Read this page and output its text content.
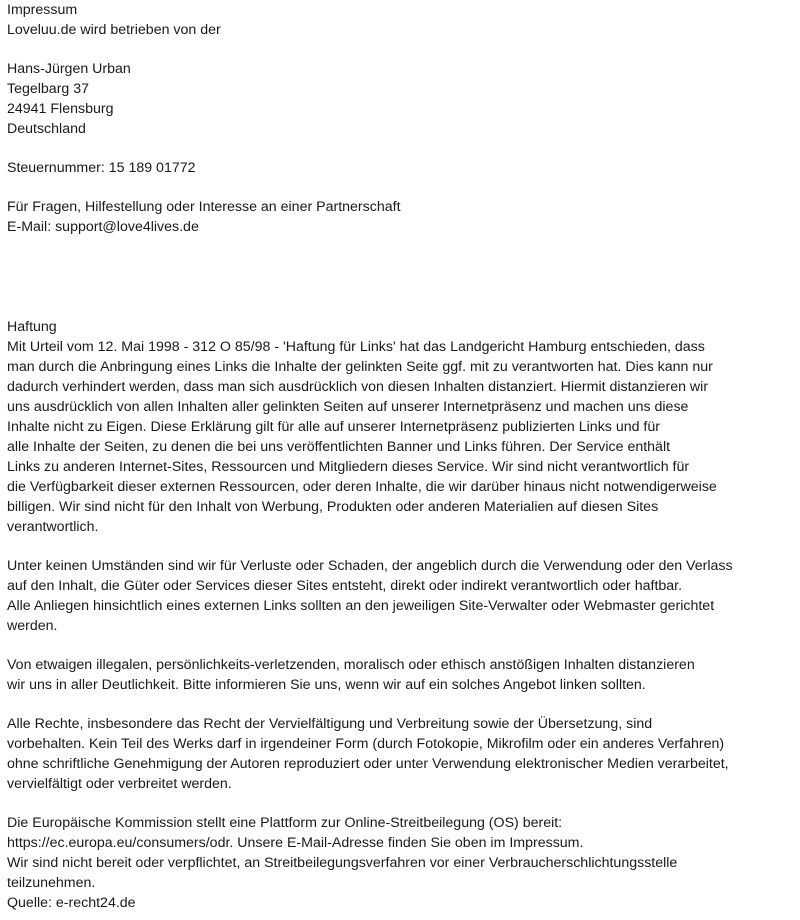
Impressum
Loveluu.de wird betrieben von der
Hans-Jürgen Urban
Tegelbarg 37
24941 Flensburg
Deutschland
Steuernummer: 15 189 01772
Für Fragen, Hilfestellung oder Interesse an einer Partnerschaft
E-Mail: support@love4lives.de
Haftung
Mit Urteil vom 12. Mai 1998 - 312 O 85/98 - 'Haftung für Links' hat das Landgericht Hamburg entschieden, dass
man durch die Anbringung eines Links die Inhalte der gelinkten Seite ggf. mit zu verantworten hat. Dies kann nur
dadurch verhindert werden, dass man sich ausdrücklich von diesen Inhalten distanziert. Hiermit distanzieren wir
uns ausdrücklich von allen Inhalten aller gelinkten Seiten auf unserer Internetpräsenz und machen uns diese
Inhalte nicht zu Eigen. Diese Erklärung gilt für alle auf unserer Internetpräsenz publizierten Links und für
alle Inhalte der Seiten, zu denen die bei uns veröffentlichten Banner und Links führen. Der Service enthält
Links zu anderen Internet-Sites, Ressourcen und Mitgliedern dieses Service. Wir sind nicht verantwortlich für
die Verfügbarkeit dieser externen Ressourcen, oder deren Inhalte, die wir darüber hinaus nicht notwendigerweise
billigen. Wir sind nicht für den Inhalt von Werbung, Produkten oder anderen Materialien auf diesen Sites
verantwortlich.
Unter keinen Umständen sind wir für Verluste oder Schaden, der angeblich durch die Verwendung oder den Verlass
auf den Inhalt, die Güter oder Services dieser Sites entsteht, direkt oder indirekt verantwortlich oder haftbar.
Alle Anliegen hinsichtlich eines externen Links sollten an den jeweiligen Site-Verwalter oder Webmaster gerichtet
werden.
Von etwaigen illegalen, persönlichkeits-verletzenden, moralisch oder ethisch anstößigen Inhalten distanzieren
wir uns in aller Deutlichkeit. Bitte informieren Sie uns, wenn wir auf ein solches Angebot linken sollten.
Alle Rechte, insbesondere das Recht der Vervielfältigung und Verbreitung sowie der Übersetzung, sind
vorbehalten. Kein Teil des Werks darf in irgendeiner Form (durch Fotokopie, Mikrofilm oder ein anderes Verfahren)
ohne schriftliche Genehmigung der Autoren reproduziert oder unter Verwendung elektronischer Medien verarbeitet,
vervielfältigt oder verbreitet werden.
Die Europäische Kommission stellt eine Plattform zur Online-Streitbeilegung (OS) bereit:
https://ec.europa.eu/consumers/odr. Unsere E-Mail-Adresse finden Sie oben im Impressum.
Wir sind nicht bereit oder verpflichtet, an Streitbeilegungsverfahren vor einer Verbraucherschlichtungsstelle
teilzunehmen.
Quelle: e-recht24.de
